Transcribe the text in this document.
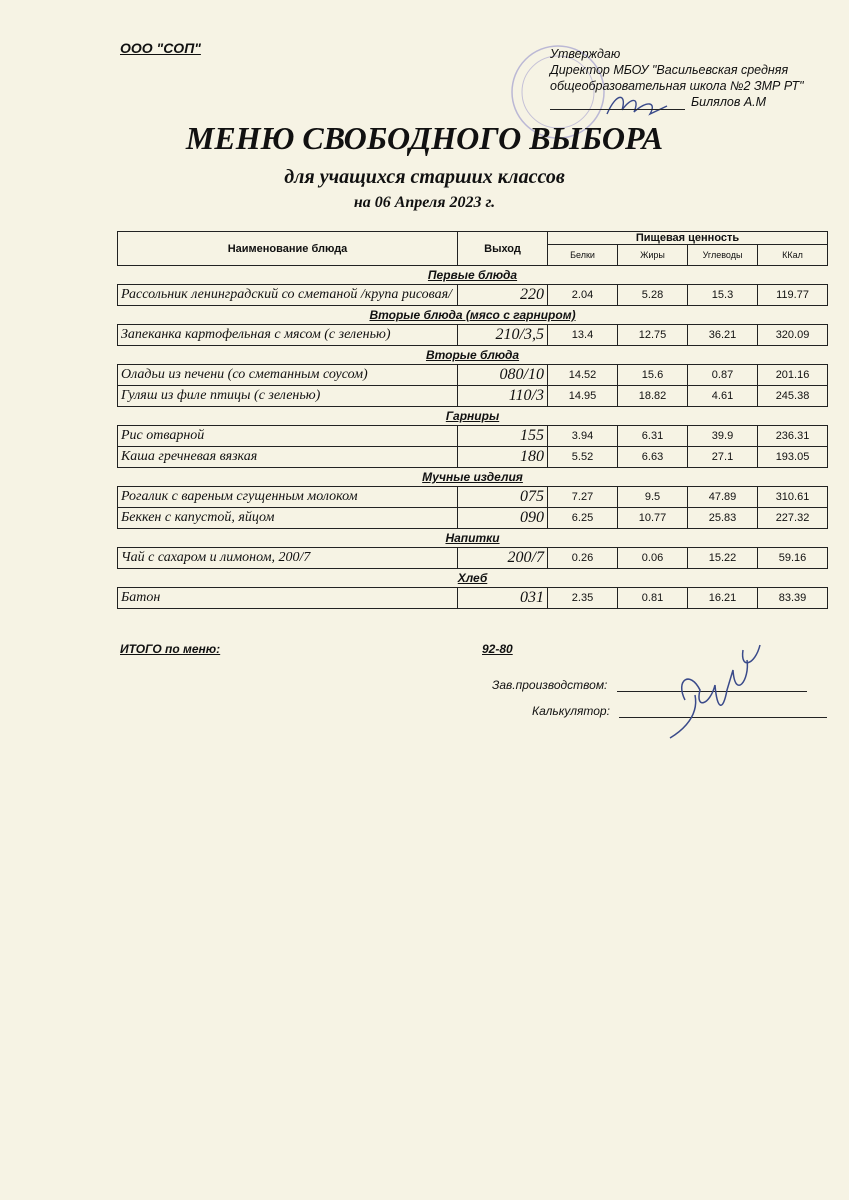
ООО "СОП"	Утверждаю
Директор МБОУ "Васильевская средняя
общеобразовательная школа №2 ЗМР РТ"
Билялов А.М
МЕНЮ СВОБОДНОГО ВЫБОРА
для учащихся старших классов
на 06 Апреля 2023 г.
Наименование блюда	Выход	Пищевая ценность			
		Белки	Жиры	Углеводы	ККал
Первые блюда					
Рассольник ленинградский со сметаной /крупа рисовая/	220	2.04	5.28	15.3	119.77
Вторые блюда (мясо с гарниром)					
Запеканка картофельная с мясом (с зеленью)	210/3,5	13.4	12.75	36.21	320.09
Вторые блюда					
Оладьи из печени (со сметанным соусом)	080/10	14.52	15.6	0.87	201.16
Гуляш из филе птицы (с зеленью)	110/3	14.95	18.82	4.61	245.38
Гарниры					
Рис отварной	155	3.94	6.31	39.9	236.31
Каша гречневая вязкая	180	5.52	6.63	27.1	193.05
Мучные изделия					
Рогалик с вареным сгущенным молоком	075	7.27	9.5	47.89	310.61
Беккен с капустой, яйцом	090	6.25	10.77	25.83	227.32
Напитки					
Чай с сахаром и лимоном, 200/7	200/7	0.26	0.06	15.22	59.16
Хлеб					
Батон	031	2.35	0.81	16.21	83.39
ИТОГО по меню:	92-80
Зав.производством:
Калькулятор:
